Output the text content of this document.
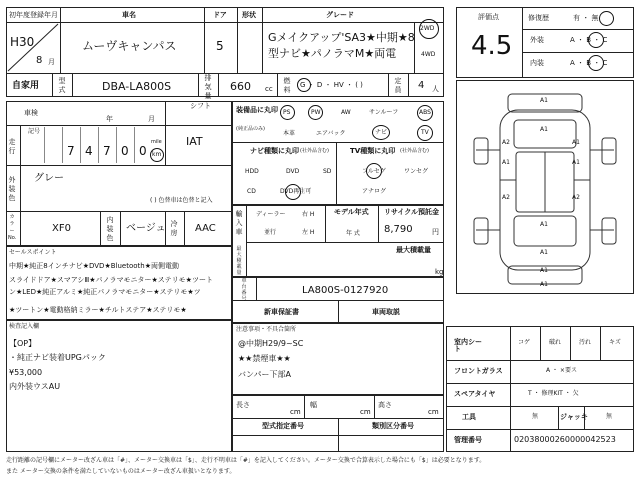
初年度登録年月
H30
8 月
車名
ムーヴキャンパス
ドア
5
形状	グレード
Gメイクアップ'SA3★中期★8
型ナビ★パノラマM★両電
2WD
4WD
自家用	型式	DBA-LA800S
排気量
660 cc
燃料
G ・ D ・ HV ・ ( )	定員 4 人
評価点
4.5
修復歴	有 ・ 無
外装	A ・ B ・ C
内装	A ・ B ・ C
車検
年	月
シフト
走行
記号
7 4 7 0 0 km
mile IAT
外装色
グレー
( ) 色替車は色替と記入
カラーNo.
XF0
内装色
ベージュ 冷房 AAC
装備品に丸印
(純正品のみ)
PS	PW	AW	サンルーフ	ABS
本革	エアバック	ナビ	TV
ナビ種類に丸印 (社外品含む)
HDD	DVD	SD
CD	DVD再生可
TV種類に丸印 (社外品含む)
フルセグ	ワンセグ
アナログ
輸入車
ディーラー
並行
右 H
左 H
モデル年式
年 式
リサイクル預託金
8,790	円
最大積載量
最大積載量
kg
セールスポイント
中期★純正8インチナビ★DVD★Bluetooth★両側電動
スライドドア★スマアシⅢ★パノラマモニター★ステリモ★ツート
ン★LED★純正アルミ★純正パノラマモニター★ステリモ★ツ
★ツートン★電動格納ミラー★チルトステア★ステリモ★
車台番号
LA800S-0127920
新車保証書	車両取説
注意事項・不具合箇所
@中期H29/9~SC
★★禁煙車★★
バンパー下部A
検査記入欄
【OP】
・純正ナビ装着UPGパック
¥53,000
内外装ウスAU
長さ
cm
幅
cm
高さ
cm
型式指定番号	類別区分番号
A1
A1
A2
A1
A1
A1
A2	A2
A1
A1
A1
A1
室内シート
コゲ	破れ	汚れ	キズ
フロントガラス	A ・ ×要ス
スペアタイヤ	T ・ 修理KIT ・ 欠
工具	無	ジャッキ	無
管理番号	02038000260000042523
走行距離の記号欄にメーター改ざん車は「#」、メーター交換車は「$」、走行不明車は「#」を記入してください。メーター交換で合算表示した場合にも「$」は必要となります。
また メーター交換の条件を満たしていないものはメーター改ざん車扱いとなります。
